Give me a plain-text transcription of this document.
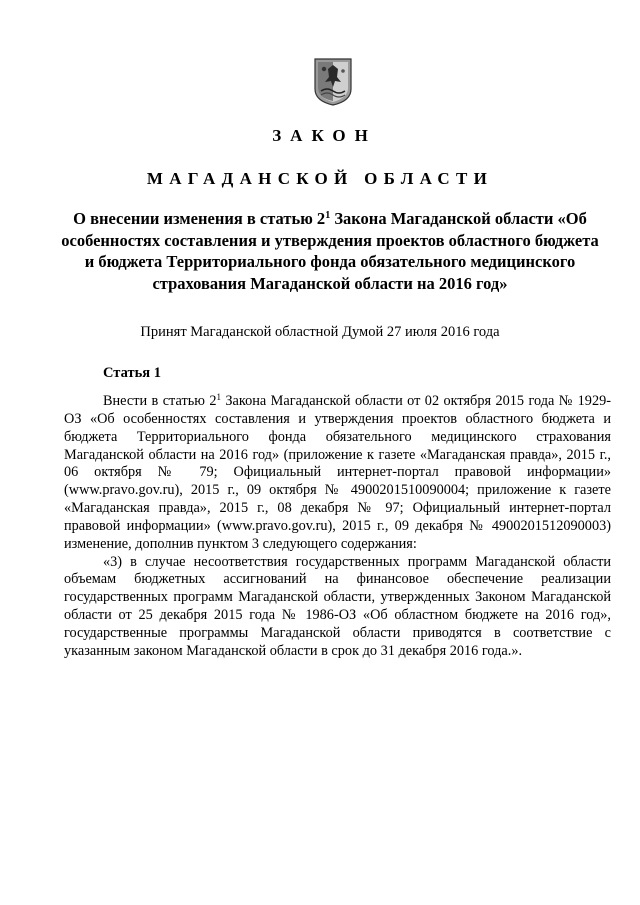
ЗАКОН
МАГАДАНСКОЙ ОБЛАСТИ
О внесении изменения в статью $2^1$ Закона Магаданской области «Об особенностях составления и утверждения проектов областного бюджета и бюджета Территориального фонда обязательного медицинского страхования Магаданской области на 2016 год»
Принят Магаданской областной Думой 27 июля 2016 года
Статья 1

Внести в статью $2^1$ Закона Магаданской области от 02 октября 2015 года № 1929-ОЗ «Об особенностях составления и утверждения проектов областного бюджета и бюджета Территориального фонда обязательного медицинского страхования Магаданской области на 2016 год» (приложение к газете «Магаданская правда», 2015 г., 06 октября № 79; Официальный интернет-портал правовой информации» (www.pravo.gov.ru), 2015 г., 09 октября № 4900201510090004; приложение к газете «Магаданская правда», 2015 г., 08 декабря № 97; Официальный интернет-портал правовой информации» (www.pravo.gov.ru), 2015 г., 09 декабря № 4900201512090003) изменение, дополнив пунктом 3 следующего содержания:

«3) в случае несоответствия государственных программ Магаданской области объемам бюджетных ассигнований на финансовое обеспечение реализации государственных программ Магаданской области, утвержденных Законом Магаданской области от 25 декабря 2015 года № 1986-ОЗ «Об областном бюджете на 2016 год», государственные программы Магаданской области приводятся в соответствие с указанным законом Магаданской области в срок до 31 декабря 2016 года.».
